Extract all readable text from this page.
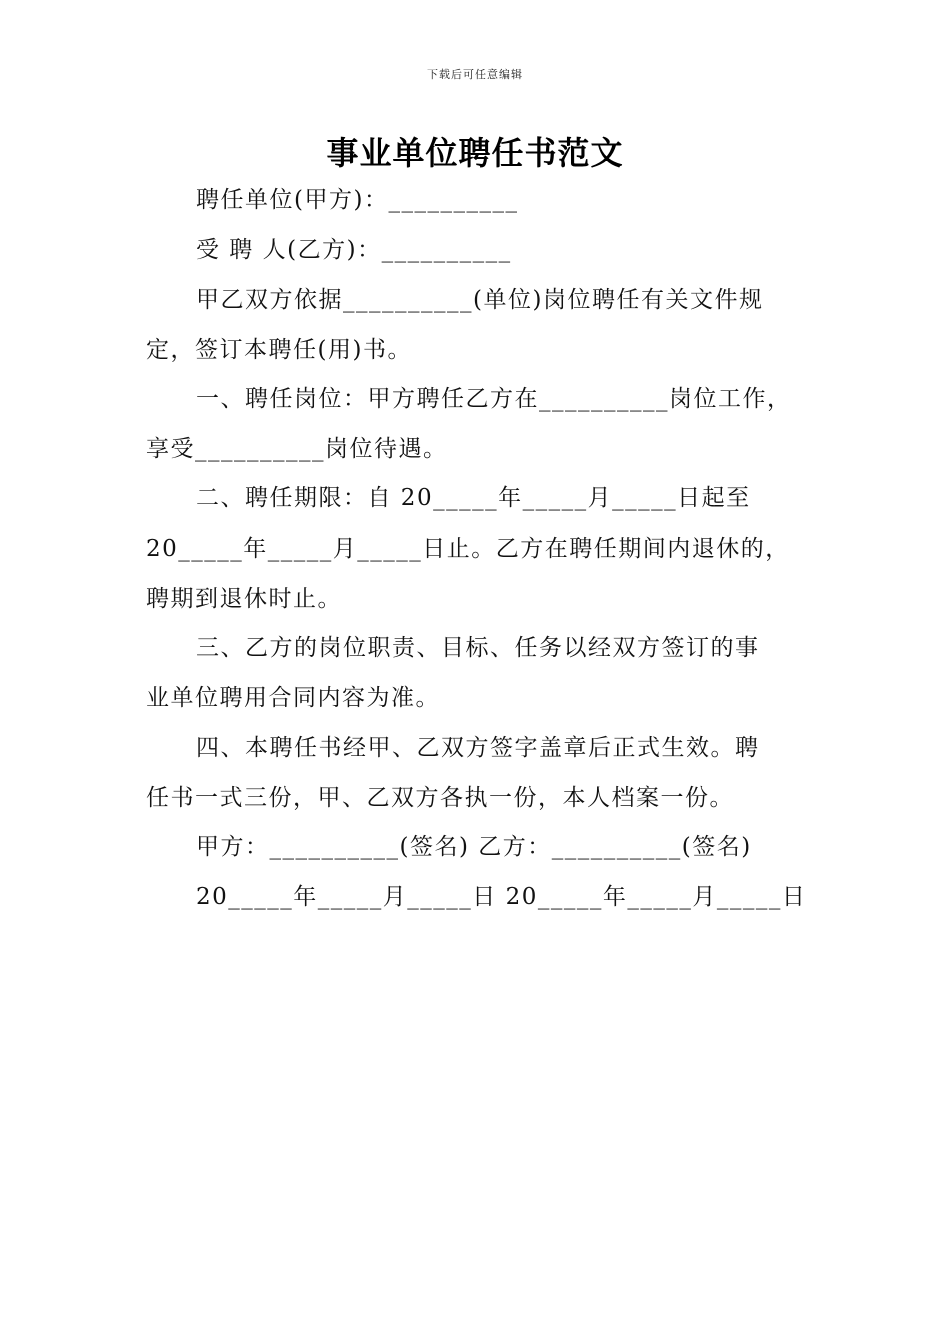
下载后可任意编辑
事业单位聘任书范文
聘任单位(甲方)：__________
受 聘 人(乙方)：__________
甲乙双方依据__________(单位)岗位聘任有关文件规
定，签订本聘任(用)书。
一、聘任岗位：甲方聘任乙方在__________岗位工作，
享受__________岗位待遇。
二、聘任期限：自 20_____年_____月_____日起至
20_____年_____月_____日止。乙方在聘任期间内退休的，
聘期到退休时止。
三、乙方的岗位职责、目标、任务以经双方签订的事
业单位聘用合同内容为准。
四、本聘任书经甲、乙双方签字盖章后正式生效。聘
任书一式三份，甲、乙双方各执一份，本人档案一份。
甲方：__________(签名) 乙方：__________(签名)
20_____年_____月_____日 20_____年_____月_____日
